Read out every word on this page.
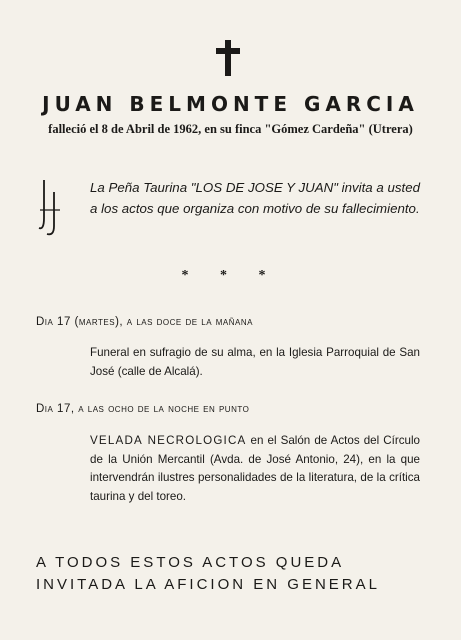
JUAN BELMONTE GARCIA
falleció el 8 de Abril de 1962, en su finca "Gómez Cardeña" (Utrera)
La Peña Taurina "LOS DE JOSE Y JUAN" invita a usted a los actos que organiza con motivo de su fallecimiento.
* * *
Dia 17 (martes), a las doce de la mañana
Funeral en sufragio de su alma, en la Iglesia Parroquial de San José (calle de Alcalá).
Dia 17, a las ocho de la noche en punto
VELADA NECROLOGICA en el Salón de Actos del Círculo de la Unión Mercantil (Avda. de José Antonio, 24), en la que intervendrán ilustres personalidades de la literatura, de la crítica taurina y del toreo.
A TODOS ESTOS ACTOS QUEDA
INVITADA LA AFICION EN GENERAL
